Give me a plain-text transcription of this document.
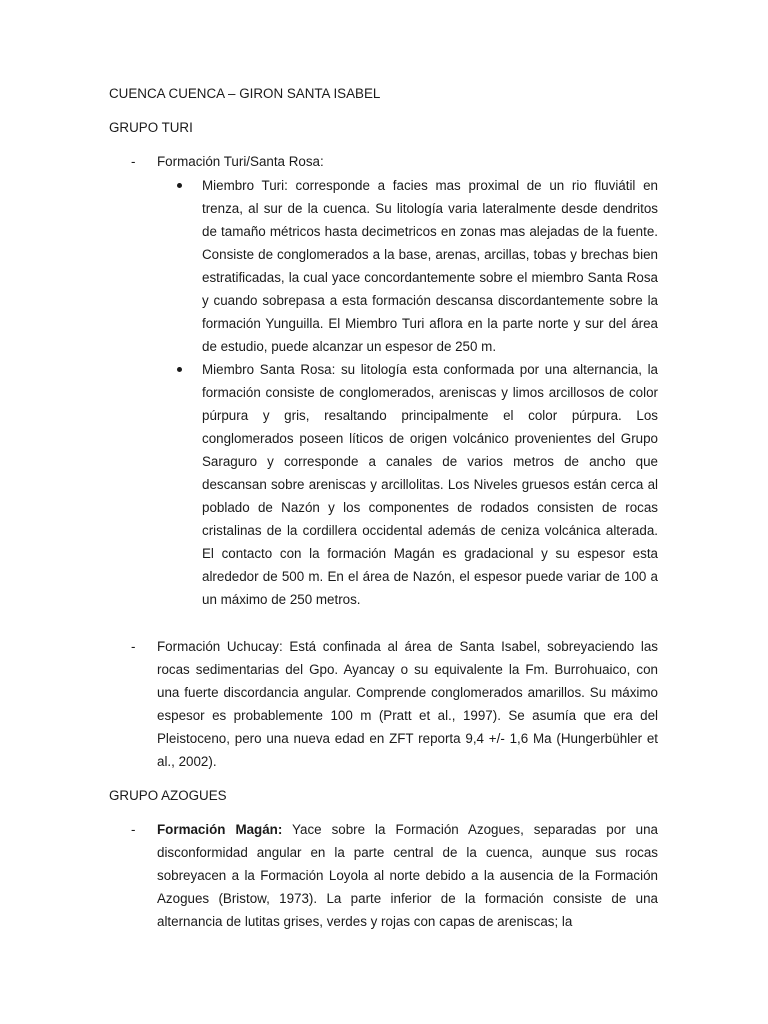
CUENCA CUENCA – GIRON SANTA ISABEL
GRUPO TURI
- Formación Turi/Santa Rosa:

Miembro Turi: corresponde a facies mas proximal de un rio fluviátil en trenza, al sur de la cuenca. Su litología varia lateralmente desde dendritos de tamaño métricos hasta decimetricos en zonas mas alejadas de la fuente. Consiste de conglomerados a la base, arenas, arcillas, tobas y brechas bien estratificadas, la cual yace concordantemente sobre el miembro Santa Rosa y cuando sobrepasa a esta formación descansa discordantemente sobre la formación Yunguilla. El Miembro Turi aflora en la parte norte y sur del área de estudio, puede alcanzar un espesor de 250 m.

Miembro Santa Rosa: su litología esta conformada por una alternancia, la formación consiste de conglomerados, areniscas y limos arcillosos de color púrpura y gris, resaltando principalmente el color púrpura. Los conglomerados poseen líticos de origen volcánico provenientes del Grupo Saraguro y corresponde a canales de varios metros de ancho que descansan sobre areniscas y arcillolitas. Los Niveles gruesos están cerca al poblado de Nazón y los componentes de rodados consisten de rocas cristalinas de la cordillera occidental además de ceniza volcánica alterada. El contacto con la formación Magán es gradacional y su espesor esta alrededor de 500 m. En el área de Nazón, el espesor puede variar de 100 a un máximo de 250 metros.

- Formación Uchucay: Está confinada al área de Santa Isabel, sobreyaciendo las rocas sedimentarias del Gpo. Ayancay o su equivalente la Fm. Burrohuaico, con una fuerte discordancia angular. Comprende conglomerados amarillos. Su máximo espesor es probablemente 100 m (Pratt et al., 1997). Se asumía que era del Pleistoceno, pero una nueva edad en ZFT reporta 9,4 +/- 1,6 Ma (Hungerbühler et al., 2002).

GRUPO AZOGUES
- Formación Magán: Yace sobre la Formación Azogues, separadas por una disconformidad angular en la parte central de la cuenca, aunque sus rocas sobreyacen a la Formación Loyola al norte debido a la ausencia de la Formación Azogues (Bristow, 1973). La parte inferior de la formación consiste de una alternancia de lutitas grises, verdes y rojas con capas de areniscas; la
